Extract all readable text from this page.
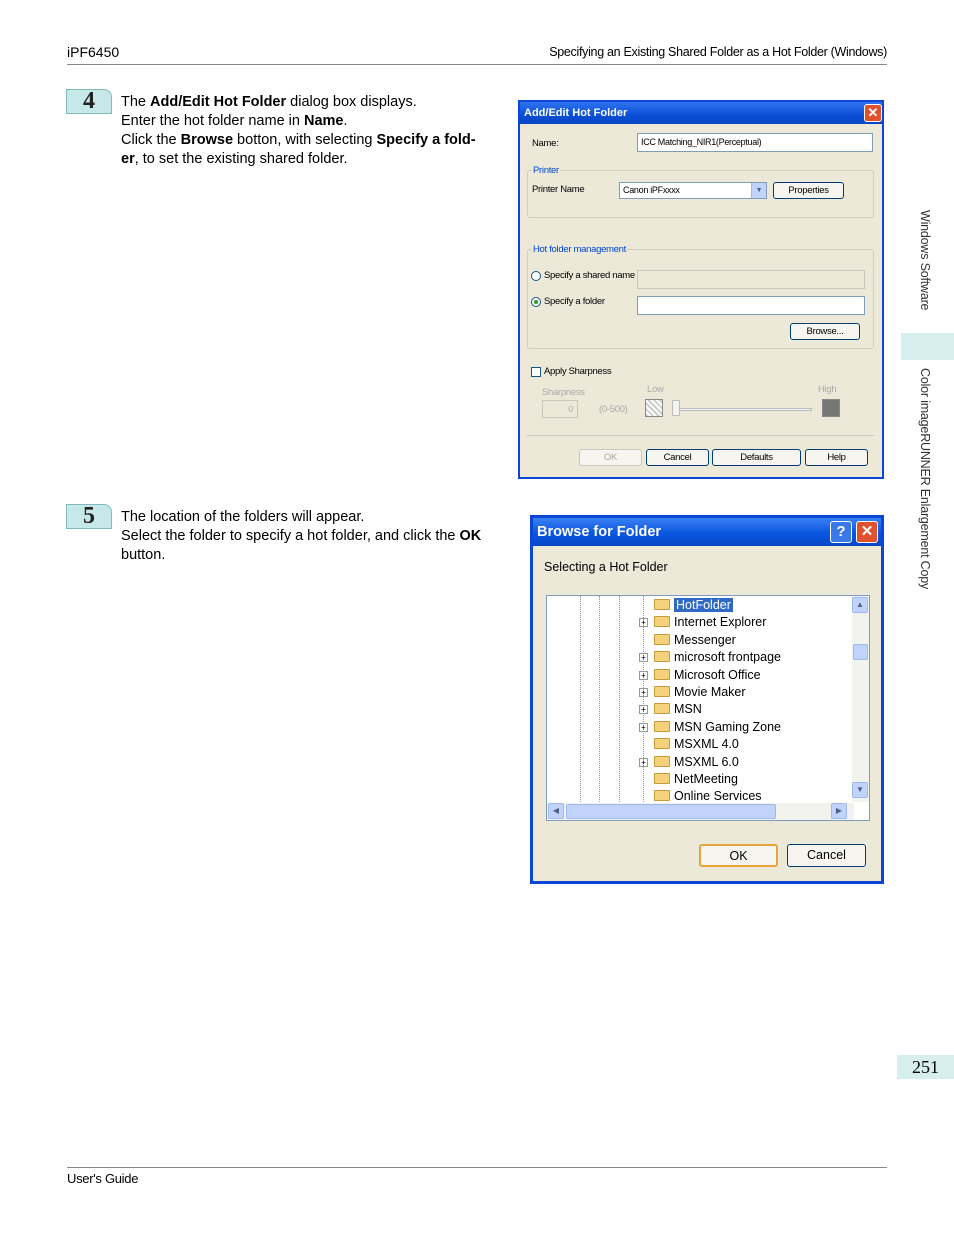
iPF6450	Specifying an Existing Shared Folder as a Hot Folder (Windows)
User's Guide
Windows Software
Color imageRUNNER Enlargement Copy
251
4	The Add/Edit Hot Folder dialog box displays.
Enter the hot folder name in Name.
Click the Browse botton, with selecting Specify a fold-
er, to set the existing shared folder.
Add/Edit Hot Folder	✕
Name:	ICC Matching_NIR1(Perceptual)
Printer
Printer Name	Canon iPFxxxx	▼	Properties
Hot folder management
Specify a shared name
Specify a folder
Browse...
Apply Sharpness
Sharpness
0	(0-500)
Low	High
OK	Cancel	Defaults	Help
5	The location of the folders will appear.
Select the folder to specify a hot folder, and click the OK
button.
Browse for Folder	?	✕
Selecting a Hot Folder
HotFolder
+ Internet Explorer
Messenger
+ microsoft frontpage
+ Microsoft Office
+ Movie Maker
+ MSN
+ MSN Gaming Zone
MSXML 4.0
+ MSXML 6.0
NetMeeting
Online Services
▲
▼
◀	▶
OK	Cancel
